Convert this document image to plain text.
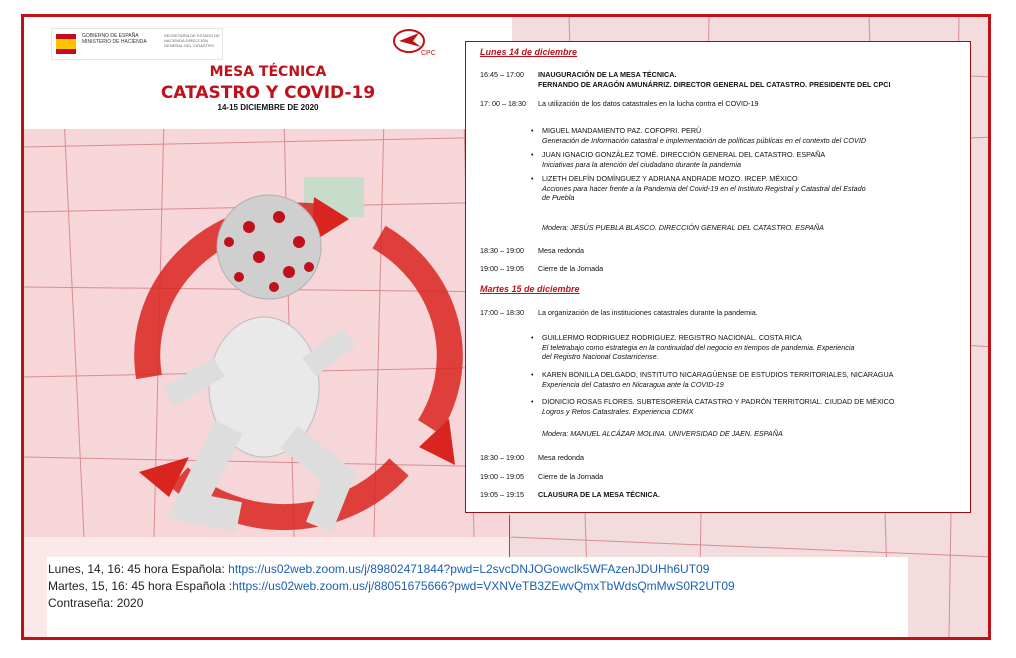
GOBIERNO DE ESPAÑA MINISTERIO DE HACIENDA
SECRETARÍA DE ESTADO DE HACIENDA DIRECCIÓN GENERAL DEL CATASTRO
CPC
MESA TÉCNICA
CATASTRO Y COVID-19
14-15 DICIEMBRE DE 2020
Lunes 14 de diciembre
16:45 – 17:00 INAUGURACIÓN DE LA MESA TÉCNICA.
FERNANDO DE ARAGÓN AMUNÁRRIZ. DIRECTOR GENERAL DEL CATASTRO. PRESIDENTE DEL CPCI
17: 00 – 18:30 La utilización de los datos catastrales en la lucha contra el COVID-19
• MIGUEL MANDAMIENTO PAZ. COFOPRI. PERÚ
Generación de Información catastral e implementación de políticas públicas en el contexto del COVID
• JUAN IGNACIO GONZÁLEZ TOMÉ. DIRECCIÓN GENERAL DEL CATASTRO. ESPAÑA
Iniciativas para la atención del ciudadano durante la pandemia
• LIZETH DELFÍN DOMÍNGUEZ Y ADRIANA ANDRADE MOZO. IRCEP. MÉXICO
Acciones para hacer frente a la Pandemia del Covid-19 en el Instituto Registral y Catastral del Estado
de Puebla
Modera: JESÚS PUEBLA BLASCO. DIRECCIÓN GENERAL DEL CATASTRO. ESPAÑA
18:30 – 19:00 Mesa redonda
19:00 – 19:05 Cierre de la Jornada
Martes 15 de diciembre
17:00 – 18:30 La organización de las instituciones catastrales durante la pandemia.
• GUILLERMO RODRIGUEZ RODRIGUEZ. REGISTRO NACIONAL. COSTA RICA
El teletrabajo como estrategia en la continuidad del negocio en tiempos de pandemia. Experiencia
del Registro Nacional Costarricense.
• KAREN BONILLA DELGADO, INSTITUTO NICARAGÜENSE DE ESTUDIOS TERRITORIALES, NICARAGUA
Experiencia del Catastro en Nicaragua ante la COVID-19
• DIONICIO ROSAS FLORES. SUBTESORERÍA CATASTRO Y PADRÓN TERRITORIAL. CIUDAD DE MÉXICO
Logros y Retos Catastrales. Experiencia CDMX
Modera: MANUEL ALCÁZAR MOLINA. UNIVERSIDAD DE JAEN. ESPAÑA
18:30 – 19:00 Mesa redonda
19:00 – 19:05 Cierre de la Jornada
19:05 – 19:15 CLAUSURA DE LA MESA TÉCNICA.
Lunes, 14, 16: 45 hora Española: https://us02web.zoom.us/j/89802471844?pwd=L2svcDNJOGowclk5WFAzenJDUHh6UT09
Martes, 15, 16: 45 hora Española :https://us02web.zoom.us/j/88051675666?pwd=VXNVeTB3ZEwvQmxTbWdsQmMwS0R2UT09
Contraseña: 2020
